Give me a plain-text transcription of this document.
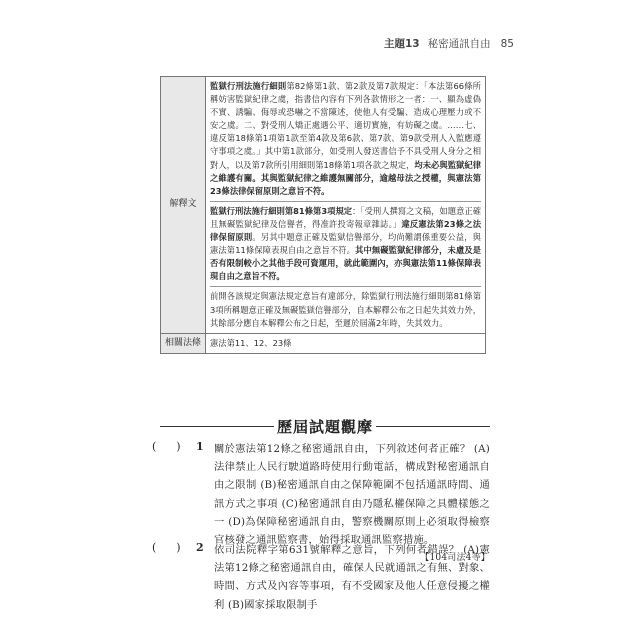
主題13 秘密通訊自由 85
解釋文	監獄行刑法施行細則第82條第1款、第2款及第7款規定：「本法第66條所稱妨害監獄紀律之虞，指書信內容有下列各款情形之一者：一、顯為虛偽不實、誘騙、侮辱或恐嚇之不當陳述，使他人有受騙、造成心理壓力或不安之虞。二、對受刑人矯正處遇公平、適切實施，有妨礙之虞。……七、違反第18條第1項第1款至第4款及第6款、第7款、第9款受刑人入監應遵守事項之虞。」其中第1款部分，如受刑人發送書信予不具受刑人身分之相對人，以及第7款所引用細則第18條第1項各款之規定，均未必與監獄紀律之維護有關。其與監獄紀律之維護無關部分，逾越母法之授權，與憲法第23條法律保留原則之意旨不符。
監獄行刑法施行細則第81條第3項規定：「受刑人撰寫之文稿，如題意正確且無礙監獄紀律及信譽者，得准許投寄報章雜誌。」違反憲法第23條之法律保留原則。另其中題意正確及監獄信譽部分，均尚難謂係重要公益，與憲法第11條保障表現自由之意旨不符。其中無礙監獄紀律部分，未慮及是否有限制較小之其他手段可資運用，就此範圍內，亦與憲法第11條保障表現自由之意旨不符。
前開各該規定與憲法規定意旨有違部分，除監獄行刑法施行細則第81條第3項所稱題意正確及無礙監獄信譽部分，自本解釋公布之日起失其效力外，其餘部分應自本解釋公布之日起，至遲於屆滿2年時，失其效力。

相關法條	憲法第11、12、23條
歷屆試題觀摩
( ) 1 關於憲法第12條之秘密通訊自由，下列敘述何者正確？ (A)法律禁止人民行駛道路時使用行動電話，構成對秘密通訊自由之限制 (B)秘密通訊自由之保障範圍不包括通訊時間、通訊方式之事項 (C)秘密通訊自由乃隱私權保障之具體樣態之一 (D)為保障秘密通訊自由，警察機關原則上必須取得檢察官核發之通訊監察書，始得採取通訊監察措施。
【104司法4等】
( ) 2 依司法院釋字第631號解釋之意旨，下列何者錯誤？ (A)憲法第12條之秘密通訊自由，確保人民就通訊之有無、對象、時間、方式及內容等事項，有不受國家及他人任意侵擾之權利 (B)國家採取限制手
